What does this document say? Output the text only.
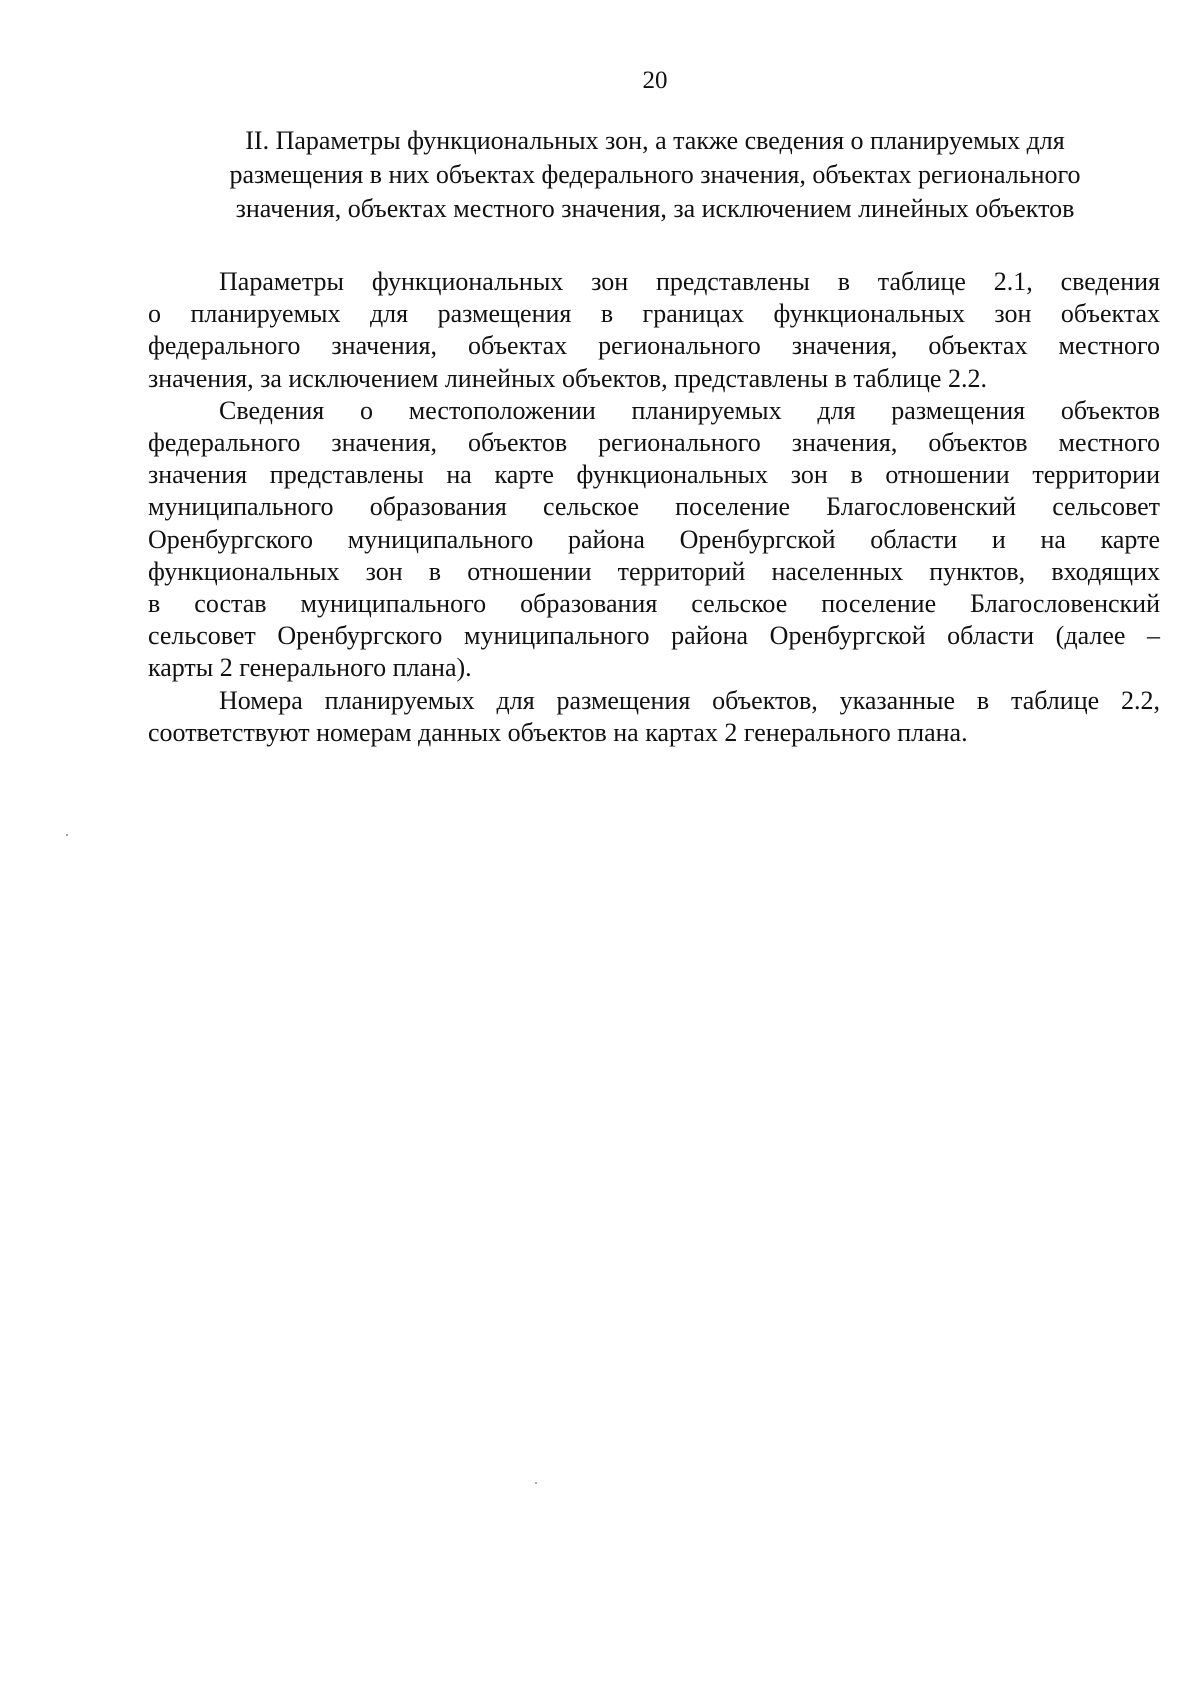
20
II. Параметры функциональных зон, а также сведения о планируемых для
размещения в них объектах федерального значения, объектах регионального
значения, объектах местного значения, за исключением линейных объектов

Параметры функциональных зон представлены в таблице 2.1, сведения
о планируемых для размещения в границах функциональных зон объектах
федерального значения, объектах регионального значения, объектах местного
значения, за исключением линейных объектов, представлены в таблице 2.2.

Сведения о местоположении планируемых для размещения объектов
федерального значения, объектов регионального значения, объектов местного
значения представлены на карте функциональных зон в отношении территории
муниципального образования сельское поселение Благословенский сельсовет
Оренбургского муниципального района Оренбургской области и на карте
функциональных зон в отношении территорий населенных пунктов, входящих
в состав муниципального образования сельское поселение Благословенский
сельсовет Оренбургского муниципального района Оренбургской области (далее –
карты 2 генерального плана).

Номера планируемых для размещения объектов, указанные в таблице 2.2,
соответствуют номерам данных объектов на картах 2 генерального плана.
